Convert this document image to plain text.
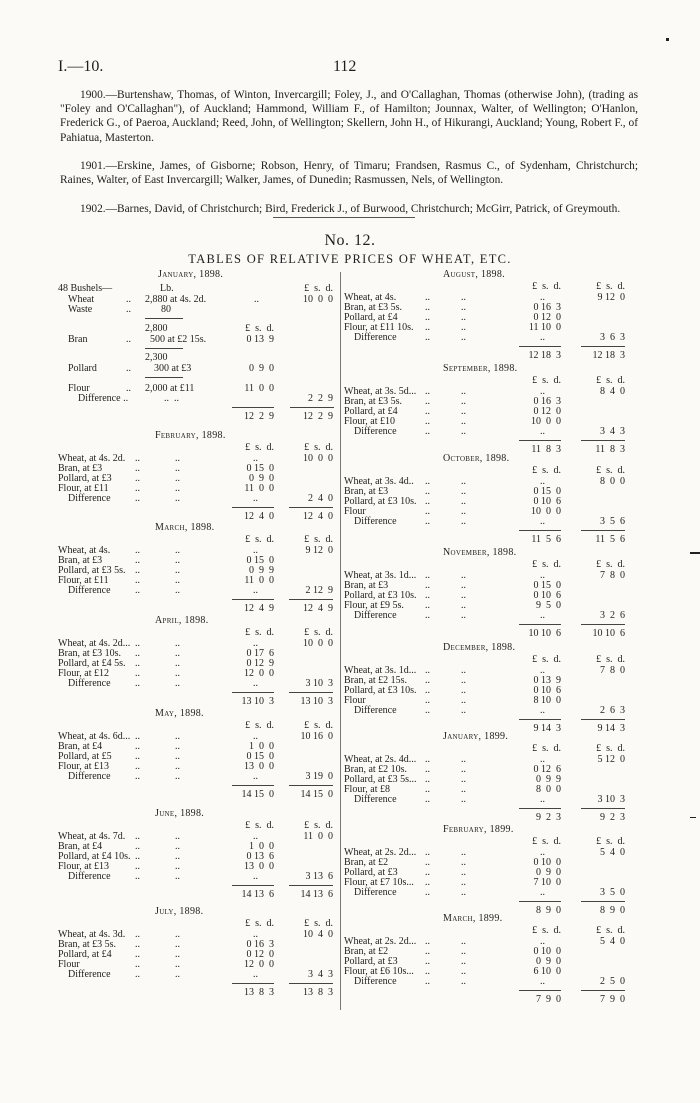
I.—10.	112
1900.—Burtenshaw, Thomas, of Winton, Invercargill; Foley, J., and O'Callaghan, Thomas (otherwise John), (trading as "Foley and O'Callaghan"), of Auckland; Hammond, William F., of Hamilton; Jounnax, Walter, of Wellington; O'Hanlon, Frederick G., of Paeroa, Auckland; Reed, John, of Wellington; Skellern, John H., of Hikurangi, Auckland; Young, Robert F., of Pahiatua, Masterton.
1901.—Erskine, James, of Gisborne; Robson, Henry, of Timaru; Frandsen, Rasmus C., of Sydenham, Christchurch; Raines, Walter, of East Invercargill; Walker, James, of Dunedin; Rasmussen, Nels, of Wellington.
1902.—Barnes, David, of Christchurch; Bird, Frederick J., of Burwood, Christchurch; McGirr, Patrick, of Greymouth.
No. 12.
TABLES OF RELATIVE PRICES OF WHEAT, ETC.
January, 1898.
48 Bushels—	Lb.	£  s.  d.
Wheat	.. 2,880 at 4s. 2d.	..	10  0  0
Waste	..	80
2,800	£  s.  d.
Bran	.. 500 at £2 15s.	0 13  9
2,300
Pollard	.. 300 at £3	0  9  0
Flour	.. 2,000 at £11	11  0  0
Difference ..	..  ..	2  2  9
12  2  9	12  2  9
February, 1898.
£  s.  d.	£  s.  d.
Wheat, at 4s. 2d. ..	..	..	10  0  0
Bran, at £3	..	..	0 15  0
Pollard, at £3 ..	..	0  9  0
Flour, at £11	..	..	11  0  0
Difference ..	..	..	2  4  0
12  4  0	12  4  0
March, 1898.
£  s.  d.	£  s.  d.
Wheat, at 4s. ..	..	..	9 12  0
Bran, at £3	..	..	0 15  0
Pollard, at £3 5s. ..	..	0  9  9
Flour, at £11	..	..	11  0  0
Difference ..	..	..	2 12  9
12  4  9	12  4  9
April, 1898.
£  s.  d.	£  s.  d.
Wheat, at 4s. 2d... ..	..	..	10  0  0
Bran, at £3 10s. ..	..	0 17  6
Pollard, at £4 5s. ..	..	0 12  9
Flour, at £12	..	..	12  0  0
Difference ..	..	..	3 10  3
13 10  3	13 10  3
May, 1898.
£  s.  d.	£  s.  d.
Wheat, at 4s. 6d... ..	..	..	10 16  0
Bran, at £4	..	..	1  0  0
Pollard, at £5 ..	..	0 15  0
Flour, at £13	..	..	13  0  0
Difference ..	..	..	3 19  0
14 15  0	14 15  0
June, 1898.
£  s.  d.	£  s.  d.
Wheat, at 4s. 7d. ..	..	..	11  0  0
Bran, at £4	..	..	1  0  0
Pollard, at £4 10s. ..	..	0 13  6
Flour, at £13	..	..	13  0  0
Difference ..	..	..	3 13  6
14 13  6	14 13  6
July, 1898.
£  s.  d.	£  s.  d.
Wheat, at 4s. 3d. ..	..	..	10  4  0
Bran, at £3 5s. ..	..	0 16  3
Pollard, at £4 ..	..	0 12  0
Flour	..	..	12  0  0
Difference ..	..	..	3  4  3
13  8  3	13  8  3
August, 1898.
£  s.  d.	£  s.  d.
Wheat, at 4s.	..	..	..	9 12  0
Bran, at £3 5s. ..	..	0 16  3
Pollard, at £4	..	..	0 12  0
Flour, at £11 10s. ..	..	11 10  0
Difference	..	..	..	3  6  3
12 18  3	12 18  3
September, 1898.
£  s.  d.	£  s.  d.
Wheat, at 3s. 5d... ..	..	..	8  4  0
Bran, at £3 5s. ..	..	0 16  3
Pollard, at £4	..	..	0 12  0
Flour, at £10	..	..	10  0  0
Difference	..	..	..	3  4  3
11  8  3	11  8  3
October, 1898.
£  s.  d.	£  s.  d.
Wheat, at 3s. 4d.. ..	..	..	8  0  0
Bran, at £3	..	..	0 15  0
Pollard, at £3 10s. ..	..	0 10  6
Flour	..	..	10  0  0
Difference	..	..	..	3  5  6
11  5  6	11  5  6
November, 1898.
£  s.  d.	£  s.  d.
Wheat, at 3s. 1d... ..	..	..	7  8  0
Bran, at £3	..	..	0 15  0
Pollard, at £3 10s. ..	..	0 10  6
Flour, at £9 5s. ..	..	9  5  0
Difference	..	..	..	3  2  6
10 10  6	10 10  6
December, 1898.
£  s.  d.	£  s.  d.
Wheat, at 3s. 1d... ..	..	..	7  8  0
Bran, at £2 15s. ..	..	0 13  9
Pollard, at £3 10s. ..	..	0 10  6
Flour	..	..	8 10  0
Difference	..	..	..	2  6  3
9 14  3	9 14  3
January, 1899.
£  s.  d.	£  s.  d.
Wheat, at 2s. 4d... ..	..	..	5 12  0
Bran, at £2 10s. ..	..	0 12  6
Pollard, at £3 5s... ..	..	0  9  9
Flour, at £8	..	..	8  0  0
Difference	..	..	..	3 10  3
9  2  3	9  2  3
February, 1899.
£  s.  d.	£  s.  d.
Wheat, at 2s. 2d... ..	..	..	5  4  0
Bran, at £2	..	..	0 10  0
Pollard, at £3	..	..	0  9  0
Flour, at £7 10s... ..	..	7 10  0
Difference	..	..	..	3  5  0
8  9  0	8  9  0
March, 1899.
£  s.  d.	£  s.  d.
Wheat, at 2s. 2d... ..	..	..	5  4  0
Bran, at £2	..	..	0 10  0
Pollard, at £3	..	..	0  9  0
Flour, at £6 10s... ..	..	6 10  0
Difference	..	..	..	2  5  0
7  9  0	7  9  0
